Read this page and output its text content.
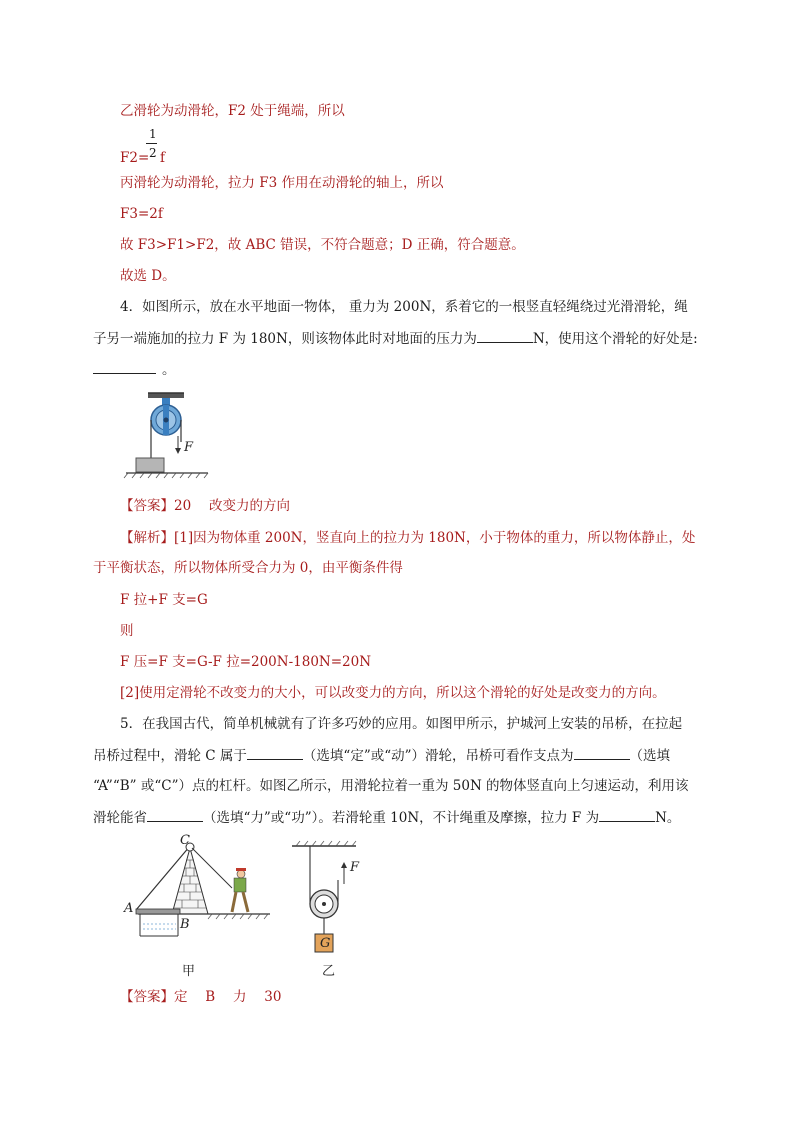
乙滑轮为动滑轮，F2 处于绳端，所以
1
2
F2= f
丙滑轮为动滑轮，拉力 F3 作用在动滑轮的轴上，所以
F3=2f
故 F3>F1>F2，故 ABC 错误，不符合题意；D 正确，符合题意。
故选 D。
4．如图所示，放在水平地面一物体， 重力为 200N，系着它的一根竖直轻绳绕过光滑滑轮，绳
子另一端施加的拉力 F 为 180N，则该物体此时对地面的压力为	N，使用这个滑轮的好处是:
。
F
【答案】20　 改变力的方向
【解析】[1]因为物体重 200N，竖直向上的拉力为 180N，小于物体的重力，所以物体静止，处
于平衡状态，所以物体所受合力为 0，由平衡条件得
F 拉+F 支=G
则
F 压=F 支=G-F 拉=200N-180N=20N
[2]使用定滑轮不改变力的大小，可以改变力的方向，所以这个滑轮的好处是改变力的方向。
5．在我国古代，简单机械就有了许多巧妙的应用。如图甲所示，护城河上安装的吊桥，在拉起
吊桥过程中，滑轮 C 属于	（选填“定”或“动”）滑轮，吊桥可看作支点为	（选填
“A”“B” 或“C”）点的杠杆。如图乙所示，用滑轮拉着一重为 50N 的物体竖直向上匀速运动，利用该
滑轮能省	（选填“力”或“功”）。若滑轮重 10N，不计绳重及摩擦，拉力 F 为	N。
C
A
B
甲
F
G
乙
【答案】定　 B　 力　 30
